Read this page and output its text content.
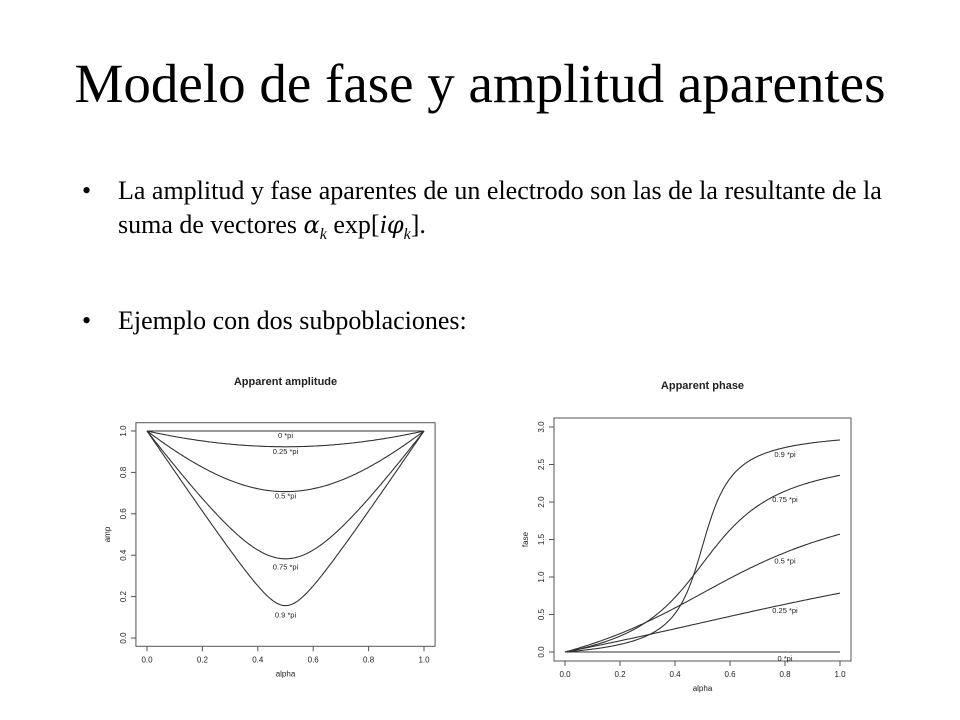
Modelo de fase y amplitud aparentes
• La amplitud y fase aparentes de un electrodo son las de la resultante de la suma de vectores $\alpha_k$ $\exp[i\varphi_k]$.
• Ejemplo con dos subpoblaciones:
Apparent amplitude
0.0	0.2	0.4	0.6	0.8	1.0
alpha
0.0
0.2
0.4
0.6
0.8
1.0
amp
0 *pi
0.25 *pi
0.5 *pi
0.75 *pi
0.9 *pi
Apparent phase
0.0	0.2	0.4	0.6	0.8	1.0
alpha
0.0
0.5
1.0
1.5
2.0
2.5
3.0
fase
0 *pi
0.25 *pi
0.5 *pi
0.75 *pi
0.9 *pi
